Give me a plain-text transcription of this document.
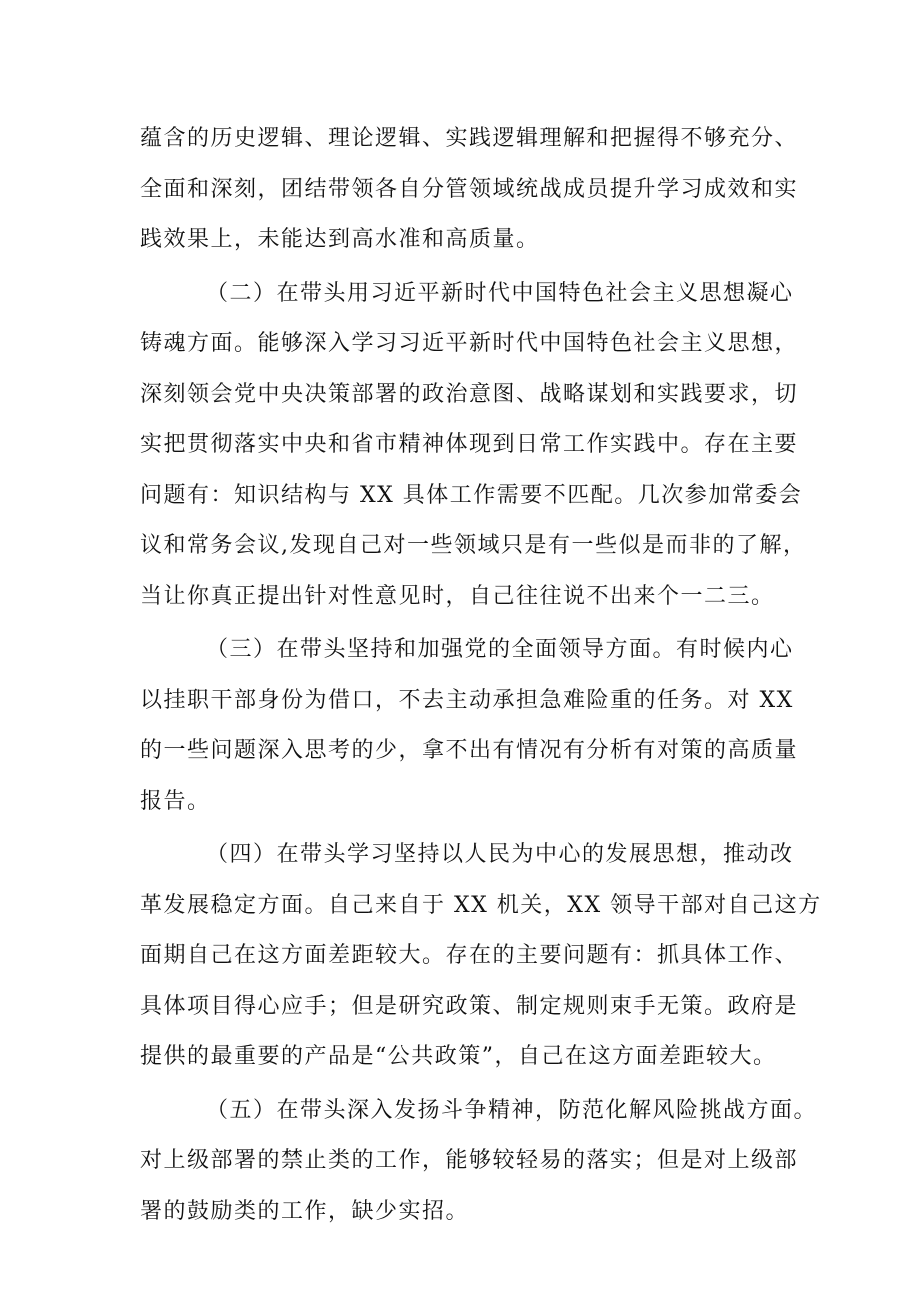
蕴含的历史逻辑、理论逻辑、实践逻辑理解和把握得不够充分、
全面和深刻，团结带领各自分管领域统战成员提升学习成效和实
践效果上，未能达到高水准和高质量。

（二）在带头用习近平新时代中国特色社会主义思想凝心
铸魂方面。能够深入学习习近平新时代中国特色社会主义思想，
深刻领会党中央决策部署的政治意图、战略谋划和实践要求，切
实把贯彻落实中央和省市精神体现到日常工作实践中。存在主要
问题有：知识结构与 XX 具体工作需要不匹配。几次参加常委会
议和常务会议,发现自己对一些领域只是有一些似是而非的了解，
当让你真正提出针对性意见时，自己往往说不出来个一二三。

（三）在带头坚持和加强党的全面领导方面。有时候内心
以挂职干部身份为借口，不去主动承担急难险重的任务。对 XX
的一些问题深入思考的少，拿不出有情况有分析有对策的高质量
报告。

（四）在带头学习坚持以人民为中心的发展思想，推动改
革发展稳定方面。自己来自于 XX 机关，XX 领导干部对自己这方
面期自己在这方面差距较大。存在的主要问题有：抓具体工作、
具体项目得心应手；但是研究政策、制定规则束手无策。政府是
提供的最重要的产品是“公共政策”，自己在这方面差距较大。

（五）在带头深入发扬斗争精神，防范化解风险挑战方面。
对上级部署的禁止类的工作，能够较轻易的落实；但是对上级部
署的鼓励类的工作，缺少实招。
